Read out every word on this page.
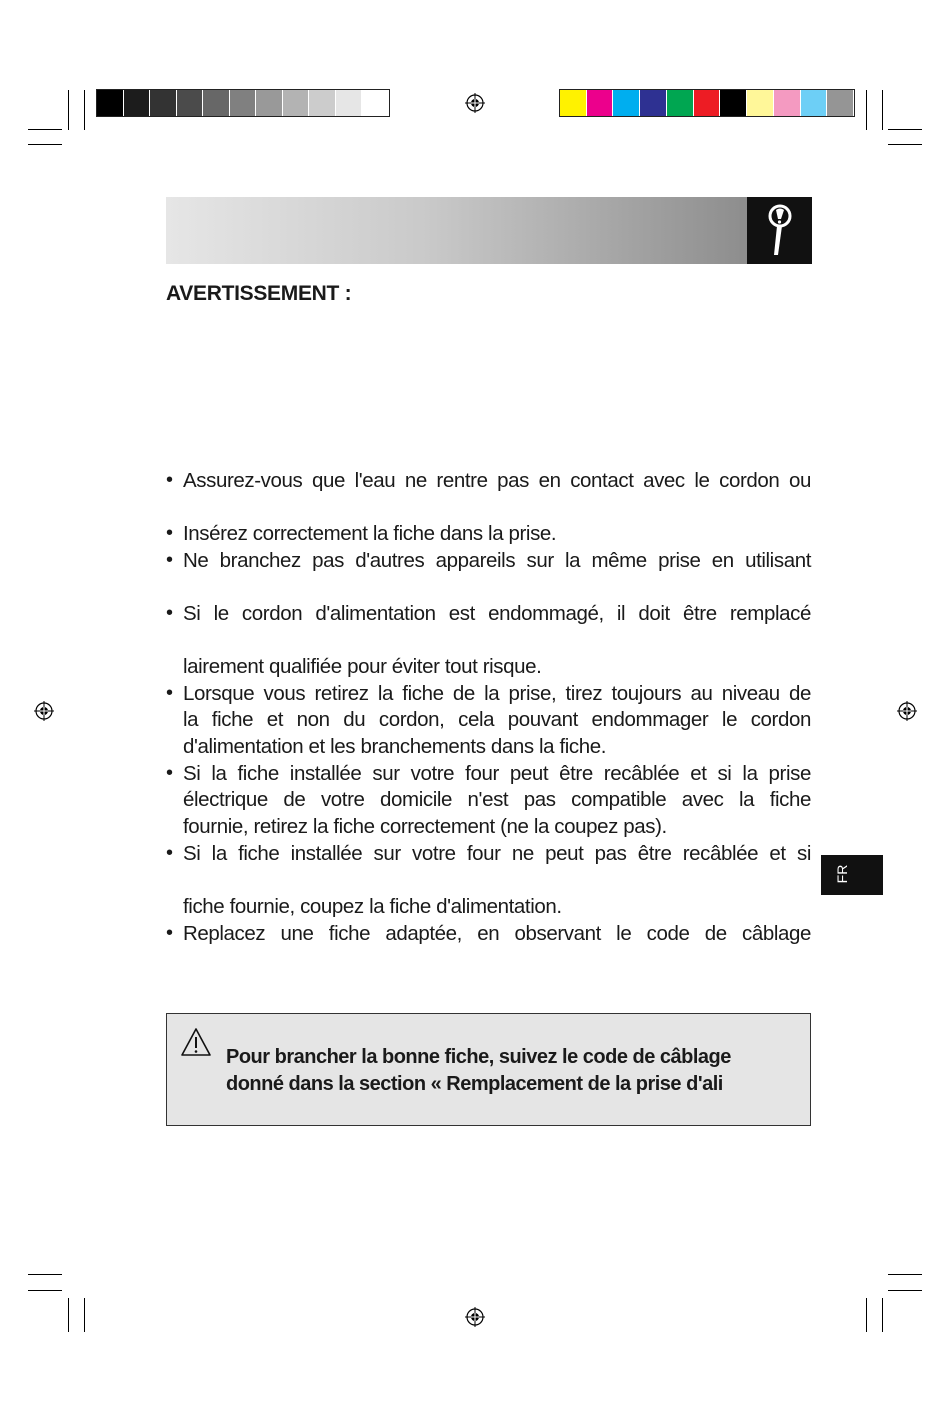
AVERTISSEMENT :
•
•
•
•
•
•
•
•
Assurez-vous que l'eau ne rentre pas en contact avec le cordon ou
Insérez correctement la fiche dans la prise.
Ne branchez pas d'autres appareils sur la même prise en utilisant
Si le cordon d'alimentation est endommagé, il doit être remplacé
lairement qualifiée pour éviter tout risque.
Lorsque vous retirez la fiche de la prise, tirez toujours au niveau de
la fiche et non du cordon, cela pouvant endommager le cordon
d'alimentation et les branchements dans la fiche.
Si la fiche installée sur votre four peut être recâblée et si la prise
électrique de votre domicile n'est pas compatible avec la fiche
fournie, retirez la fiche correctement (ne la coupez pas).
Si la fiche installée sur votre four ne peut pas être recâblée et si
fiche fournie, coupez la fiche d'alimentation.
Replacez une fiche adaptée, en observant le code de câblage
FR
Pour brancher la bonne fiche, suivez le code de câblage
donné dans la section « Remplacement de la prise d'ali
